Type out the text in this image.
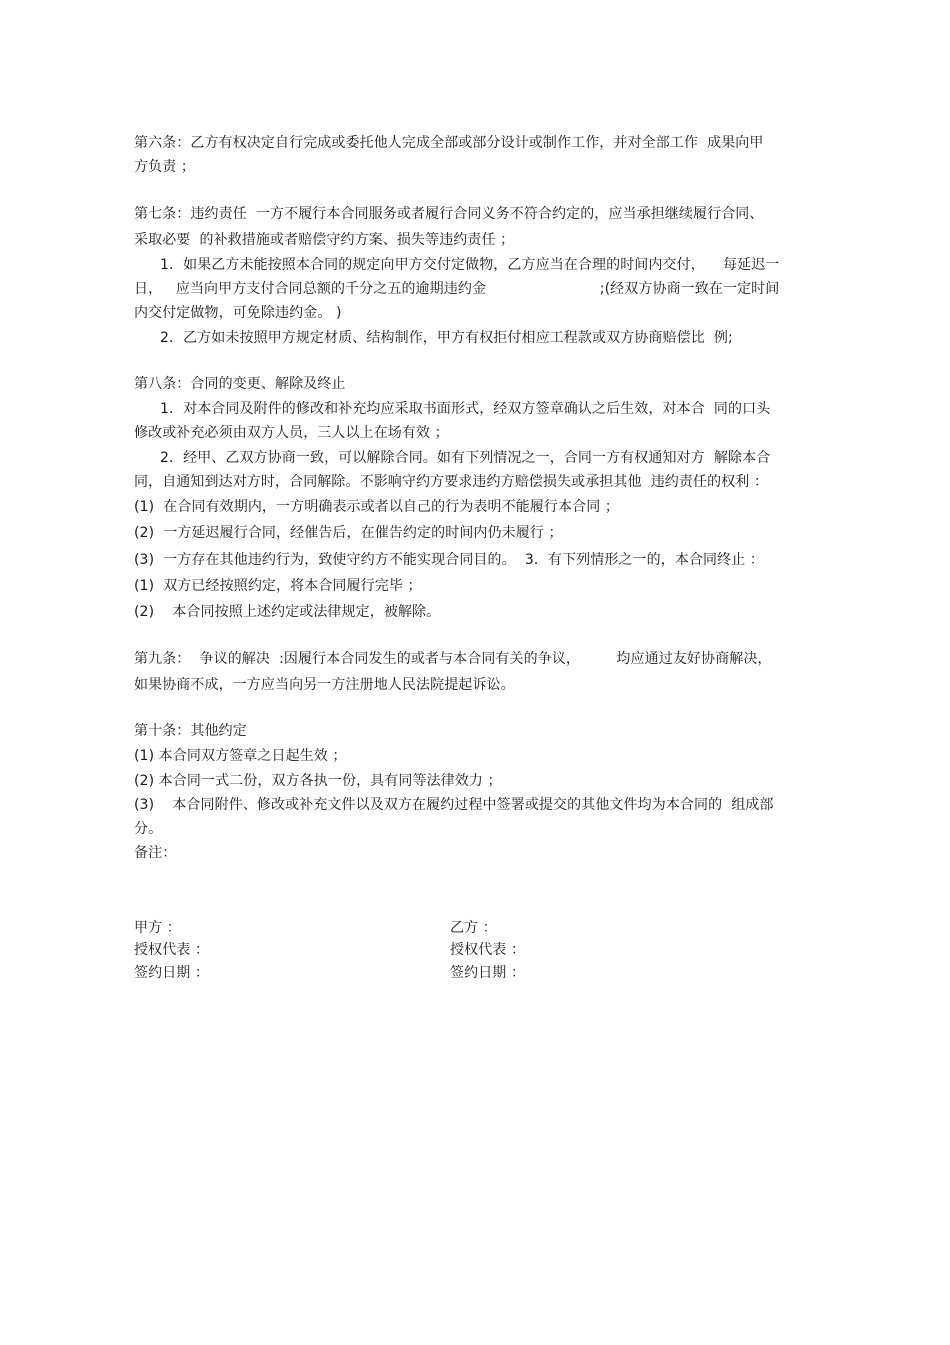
第六条：乙方有权决定自行完成或委托他人完成全部或部分设计或制作工作，并对全部工作  成果向甲
方负责 ；
第七条：违约责任  一方不履行本合同服务或者履行合同义务不符合约定的，应当承担继续履行合同、
采取必要  的补救措施或者赔偿守约方案、损失等违约责任 ；
1．如果乙方未能按照本合同的规定向甲方交付定做物，乙方应当在合理的时间内交付，    每延迟一
日，   应当向甲方支付合同总额的千分之五的逾期违约金                         ;(经双方协商一致在一定时间
内交付定做物，可免除违约金。 )
2．乙方如未按照甲方规定材质、结构制作，甲方有权拒付相应工程款或双方协商赔偿比  例;
第八条：合同的变更、解除及终止
1．对本合同及附件的修改和补充均应采取书面形式，经双方签章确认之后生效，对本合  同的口头
修改或补充必须由双方人员，三人以上在场有效 ；
2．经甲、乙双方协商一致，可以解除合同。如有下列情况之一，合同一方有权通知对方  解除本合
同，自通知到达对方时，合同解除。不影响守约方要求违约方赔偿损失或承担其他  违约责任的权利 ：
(1)  在合同有效期内，一方明确表示或者以自己的行为表明不能履行本合同 ；
(2)  一方延迟履行合同，经催告后，在催告约定的时间内仍未履行 ；
(3)  一方存在其他违约行为，致使守约方不能实现合同目的。  3．有下列情形之一的，本合同终止 ：
(1)  双方已经按照约定，将本合同履行完毕 ；
(2)    本合同按照上述约定或法律规定，被解除。
第九条：  争议的解决  :因履行本合同发生的或者与本合同有关的争议，        均应通过友好协商解决，
如果协商不成，一方应当向另一方注册地人民法院提起诉讼。
第十条：其他约定
(1) 本合同双方签章之日起生效 ；
(2) 本合同一式二份，双方各执一份，具有同等法律效力 ；
(3)    本合同附件、修改或补充文件以及双方在履约过程中签署或提交的其他文件均为本合同的  组成部
分。
备注：
甲方 ：	乙方 ：
授权代表 ：	授权代表 ：
签约日期 ：	签约日期 ：
